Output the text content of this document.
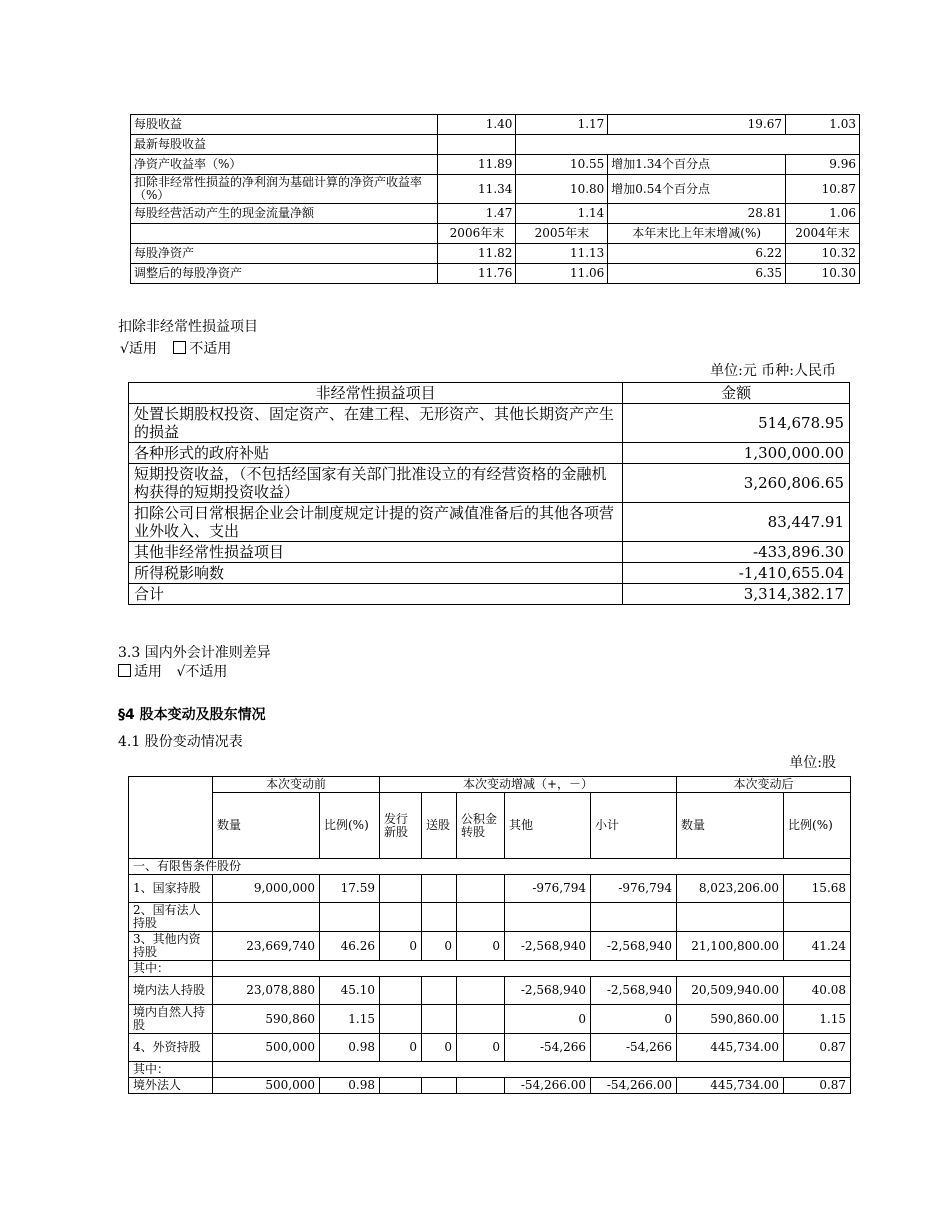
每股收益	1.40	1.17	19.67	1.03
最新每股收益				
净资产收益率（%）	11.89	10.55	增加1.34个百分点	9.96
扣除非经常性损益的净利润为基础计算的净资产收益率（%）	11.34	10.80	增加0.54个百分点	10.87
每股经营活动产生的现金流量净额	1.47	1.14	28.81	1.06
	2006年末	2005年末	本年末比上年末增减(%)	2004年末
每股净资产	11.82	11.13	6.22	10.32
调整后的每股净资产	11.76	11.06	6.35	10.30
扣除非经常性损益项目
√适用 不适用
单位:元 币种:人民币
非经常性损益项目	金额
处置长期股权投资、固定资产、在建工程、无形资产、其他长期资产产生的损益	514,678.95
各种形式的政府补贴	1,300,000.00
短期投资收益，（不包括经国家有关部门批准设立的有经营资格的金融机构获得的短期投资收益）	3,260,806.65
扣除公司日常根据企业会计制度规定计提的资产减值准备后的其他各项营业外收入、支出	83,447.91
其他非经常性损益项目	-433,896.30
所得税影响数	-1,410,655.04
合计	3,314,382.17
3.3 国内外会计准则差异
适用 √不适用
§4 股本变动及股东情况
4.1 股份变动情况表
单位:股
	本次变动前		本次变动增减（+，－）					本次变动后	
	数量	比例(%)	发行新股	送股	公积金转股	其他	小计	数量	比例(%)
一、有限售条件股份									
1、国家持股	9,000,000	17.59				-976,794	-976,794	8,023,206.00	15.68
2、国有法人持股									
3、其他内资持股	23,669,740	46.26	0	0	0	-2,568,940	-2,568,940	21,100,800.00	41.24
其中：									
境内法人持股	23,078,880	45.10				-2,568,940	-2,568,940	20,509,940.00	40.08
境内自然人持股	590,860	1.15				0	0	590,860.00	1.15
4、外资持股	500,000	0.98	0	0	0	-54,266	-54,266	445,734.00	0.87
其中：									
境外法人	500,000	0.98				-54,266.00	-54,266.00	445,734.00	0.87
